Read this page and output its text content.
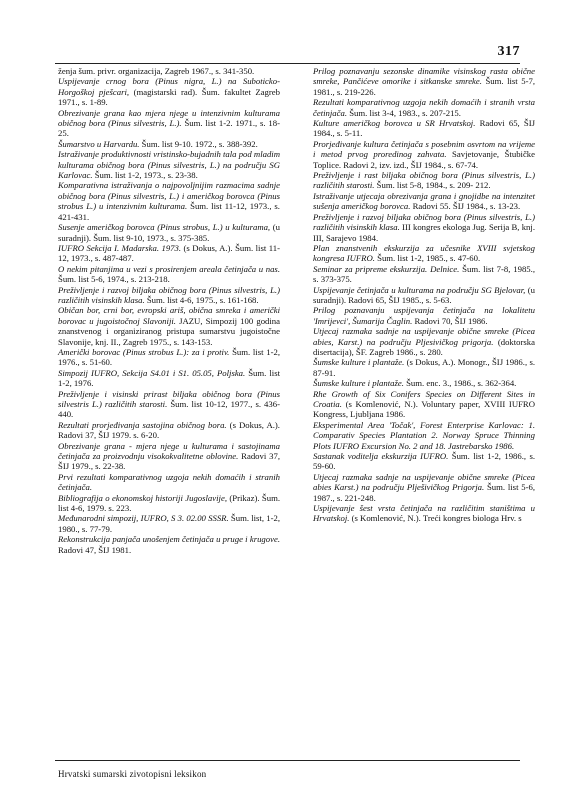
317

ženja šum. privr. organizacija, Zagreb 1967., s. 341-350.

Uspijevanje crnog bora (Pinus nigra, L.) na Suboticko-Horgoškoj pješcari, (magistarski rad). Šum. fakultet Zagreb 1971., s. 1-89.

Obrezivanje grana kao mjera njege u intenzivnim kulturama običnog bora (Pinus silvestris, L.). Šum. list 1-2. 1971., s. 18-25.

Šumarstvo u Harvardu. Šum. list 9-10. 1972., s. 388-392.

Istraživanje produktivnosti vristinsko-bujadnih tala pod mladim kulturama običnog bora (Pinus silvestris, L.) na području SG Karlovac. Šum. list 1-2, 1973., s. 23-38.

Komparativna istraživanja o najpovoljnijim razmacima sadnje običnog bora (Pinus silvestris, L.) i američkog borovca (Pinus strobus L.) u intenzivnim kulturama. Šum. list 11-12, 1973., s. 421-431.

Susenje američkog borovca (Pinus strobus, L.) u kulturama, (u suradnji). Šum. list 9-10, 1973., s. 375-385.

IUFRO Sekcija I. Madarska. 1973. (s Dokus, A.). Šum. list 11-12, 1973., s. 487-487.

O nekim pitanjima u vezi s prosirenjem areala četinjača u nas. Šum. list 5-6, 1974., s. 213-218.

Preživljenje i razvoj biljaka običnog bora (Pinus silvestris, L.) različitih visinskih klasa. Šum. list 4-6, 1975., s. 161-168.

Običan bor, crni bor, evropski ariš, obična smreka i američki borovac u jugoistočnoj Slavoniji. JAZU, Simpozij 100 godina znanstvenog i organiziranog pristupa sumarstvu jugoistočne Slavonije, knj. II., Zagreb 1975., s. 143-153.

Američki borovac (Pinus strobus L.): za i protiv. Šum. list 1-2, 1976., s. 51-60.

Simpozij IUFRO, Sekcija S4.01 i S1. 05.05, Poljska. Šum. list 1-2, 1976.

Preživljenje i visinski prirast biljaka običnog bora (Pinus silvestris L.) različitih starosti. Šum. list 10-12, 1977., s. 436-440.

Rezultati prorjeđivanja sastojina običnog bora. (s Dokus, A.). Radovi 37, ŠIJ 1979. s. 6-20.

Obrezivanje grana - mjera njege u kulturama i sastojinama četinjača za proizvodnju visokokvalitetne oblovine. Radovi 37, ŠIJ 1979., s. 22-38.

Prvi rezultati komparativnog uzgoja nekih domaćih i stranih četinjača.

Bibliografija o ekonomskoj historiji Jugoslavije, (Prikaz). Šum. list 4-6, 1979. s. 223.

Međunarodni simpozij, IUFRO, S 3. 02.00 SSSR. Šum. list, 1-2, 1980., s. 77-79.

Rekonstrukcija panjača unošenjem četinjača u pruge i krugove. Radovi 47, ŠIJ 1981.

Prilog poznavanju sezonske dinamike visinskog rasta obične smreke, Pančićeve omorike i sitkanske smreke. Šum. list 5-7, 1981., s. 219-226.

Rezultati komparativnog uzgoja nekih domaćih i stranih vrsta četinjača. Šum. list 3-4, 1983., s. 207-215.

Kulture američkog borovca u SR Hrvatskoj. Radovi 65, ŠIJ 1984., s. 5-11.

Prorjeđivanje kultura četinjača s posebnim osvrtom na vrijeme i metod prvog proredinog zahvata. Savjetovanje, Štubičke Toplice. Radovi 2, izv. izd., ŠIJ 1984., s. 67-74.

Preživljenje i rast biljaka običnog bora (Pinus silvestris, L.) različitih starosti. Šum. list 5-8, 1984., s. 209- 212.

Istraživanje utjecaja obrezivanja grana i gnojidbe na intenzitet sušenja američkog borovca. Radovi 55. ŠIJ 1984., s. 13-23.

Preživljenje i razvoj biljaka običnog bora (Pinus silvestris, L.) različitih visinskih klasa. III kongres ekologa Jug. Serija B, knj. III, Sarajevo 1984.

Plan znanstvenih ekskurzija za učesnike XVIII svjetskog kongresa IUFRO. Šum. list 1-2, 1985., s. 47-60.

Seminar za pripreme ekskurzija. Delnice. Šum. list 7-8, 1985., s. 373-375.

Uspijevanje četinjača u kulturama na području SG Bjelovar, (u suradnji). Radovi 65, ŠIJ 1985., s. 5-63.

Prilog poznavanju uspijevanja četinjača na lokalitetu 'Imrijevci', Šumarija Čaglin. Radovi 70, ŠIJ 1986.

Utjecaj razmaka sadnje na uspijevanje obične smreke (Picea abies, Karst.) na području Pljesivičkog prigorja. (doktorska disertacija), ŠF. Zagreb 1986., s. 280.

Šumske kulture i plantaže. (s Dokus, A.). Monogr., ŠIJ 1986., s. 87-91.

Šumske kulture i plantaže. Šum. enc. 3., 1986., s. 362-364.

Rhe Growth of Six Conifers Species on Different Sites in Croatia. (s Komlenović, N.). Voluntary paper, XVIII IUFRO Kongress, Ljubljana 1986.

Eksperimental Area 'Točak', Forest Enterprise Karlovac: 1. Comparativ Species Plantation 2. Norway Spruce Thinning Plots IUFRO Excursion No. 2 and 18. Jastrebarsko 1986.

Sastanak voditelja ekskurzija IUFRO. Šum. list 1-2, 1986., s. 59-60.

Utjecaj razmaka sadnje na uspijevanje obične smreke (Picea abies Karst.) na području Plješivičkog Prigorja. Šum. list 5-6, 1987., s. 221-248.

Uspijevanje šest vrsta četinjača na različitim staništima u Hrvatskoj. (s Komlenović, N.). Treći kongres biologa Hrv. s

Hrvatski sumarski zivotopisni leksikon
